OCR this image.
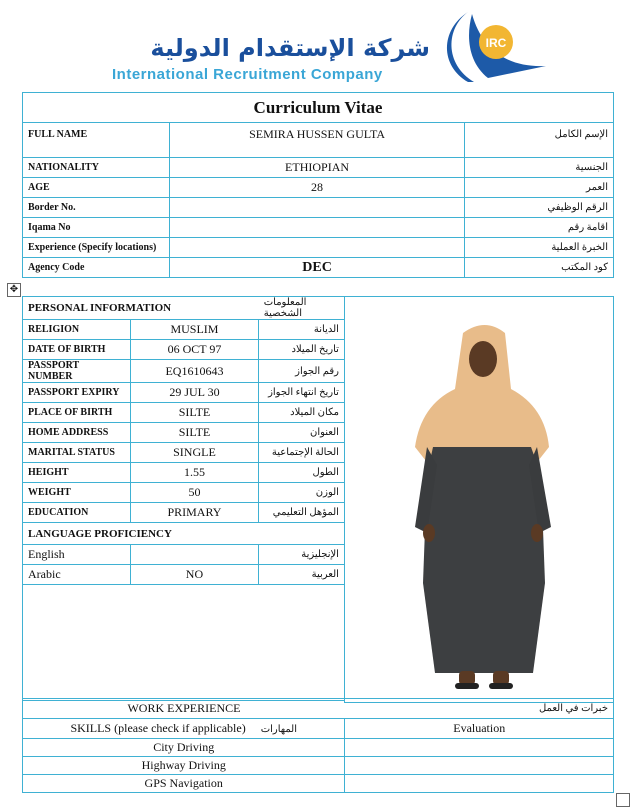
IRC
شركة الإستقدام الدولية
International Recruitment Company
Curriculum Vitae		
FULL NAME	SEMIRA HUSSEN GULTA	الإسم الكامل
NATIONALITY	ETHIOPIAN	الجنسية
AGE	28	العمر
Border No.		الرقم الوظيفي
Iqama No		اقامة رقم
Experience (Specify locations)		الخبرة العملية
Agency Code	DEC	كود المكتب
✥
PERSONAL INFORMATION		المعلومات الشخصية	

RELIGION	MUSLIM	الديانة	
DATE OF BIRTH	06 OCT 97	تاريخ الميلاد	
PASSPORT NUMBER	EQ1610643	رقم الجواز	
PASSPORT EXPIRY	29 JUL 30	تاريخ انتهاء الجواز	
PLACE OF BIRTH	SILTE	مكان الميلاد	
HOME ADDRESS	SILTE	العنوان	
MARITAL STATUS	SINGLE	الحالة الإجتماعية	
HEIGHT	1.55	الطول	
WEIGHT	50	الوزن	
EDUCATION	PRIMARY	المؤهل التعليمي	
LANGUAGE PROFICIENCY			
English		الإنجليزية	
Arabic	NO	العربية	

WORK EXPERIENCE	خبرات في العمل
SKILLS (please check if applicable) المهارات	Evaluation
City Driving	
Highway Driving	
GPS Navigation	
